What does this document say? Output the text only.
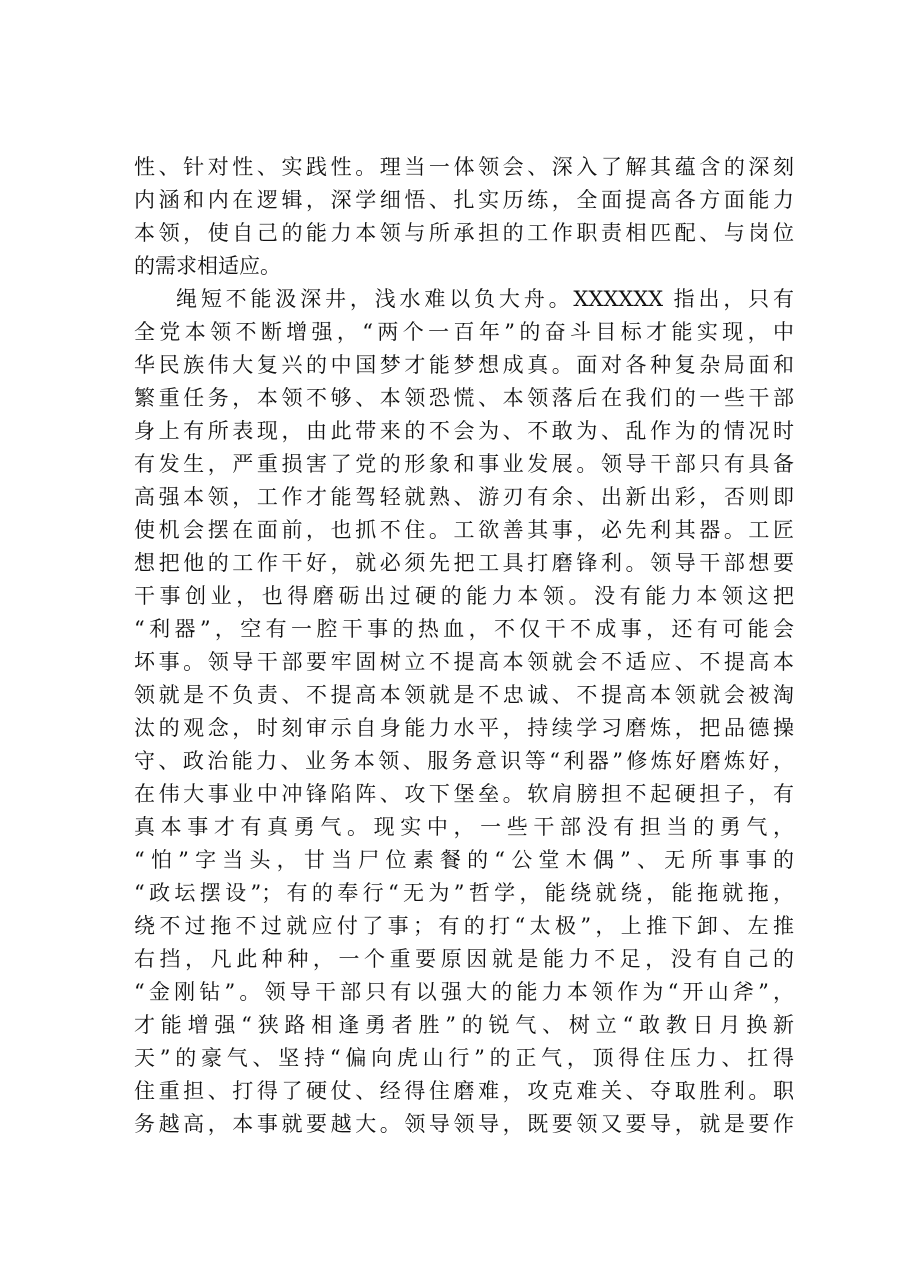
性、针对性、实践性。理当一体领会、深入了解其蕴含的深刻
内涵和内在逻辑，深学细悟、扎实历练，全面提高各方面能力
本领，使自己的能力本领与所承担的工作职责相匹配、与岗位
的需求相适应。
绳短不能汲深井，浅水难以负大舟。XXXXXX 指出，只有
全党本领不断增强，“两个一百年”的奋斗目标才能实现，中
华民族伟大复兴的中国梦才能梦想成真。面对各种复杂局面和
繁重任务，本领不够、本领恐慌、本领落后在我们的一些干部
身上有所表现，由此带来的不会为、不敢为、乱作为的情况时
有发生，严重损害了党的形象和事业发展。领导干部只有具备
高强本领，工作才能驾轻就熟、游刃有余、出新出彩，否则即
使机会摆在面前，也抓不住。工欲善其事，必先利其器。工匠
想把他的工作干好，就必须先把工具打磨锋利。领导干部想要
干事创业，也得磨砺出过硬的能力本领。没有能力本领这把
“利器”，空有一腔干事的热血，不仅干不成事，还有可能会
坏事。领导干部要牢固树立不提高本领就会不适应、不提高本
领就是不负责、不提高本领就是不忠诚、不提高本领就会被淘
汰的观念，时刻审示自身能力水平，持续学习磨炼，把品德操
守、政治能力、业务本领、服务意识等“利器”修炼好磨炼好，
在伟大事业中冲锋陷阵、攻下堡垒。软肩膀担不起硬担子，有
真本事才有真勇气。现实中，一些干部没有担当的勇气，
“怕”字当头，甘当尸位素餐的“公堂木偶”、无所事事的
“政坛摆设”；有的奉行“无为”哲学，能绕就绕，能拖就拖，
绕不过拖不过就应付了事；有的打“太极”，上推下卸、左推
右挡，凡此种种，一个重要原因就是能力不足，没有自己的
“金刚钻”。领导干部只有以强大的能力本领作为“开山斧”，
才能增强“狭路相逢勇者胜”的锐气、树立“敢教日月换新
天”的豪气、坚持“偏向虎山行”的正气，顶得住压力、扛得
住重担、打得了硬仗、经得住磨难，攻克难关、夺取胜利。职
务越高，本事就要越大。领导领导，既要领又要导，就是要作
